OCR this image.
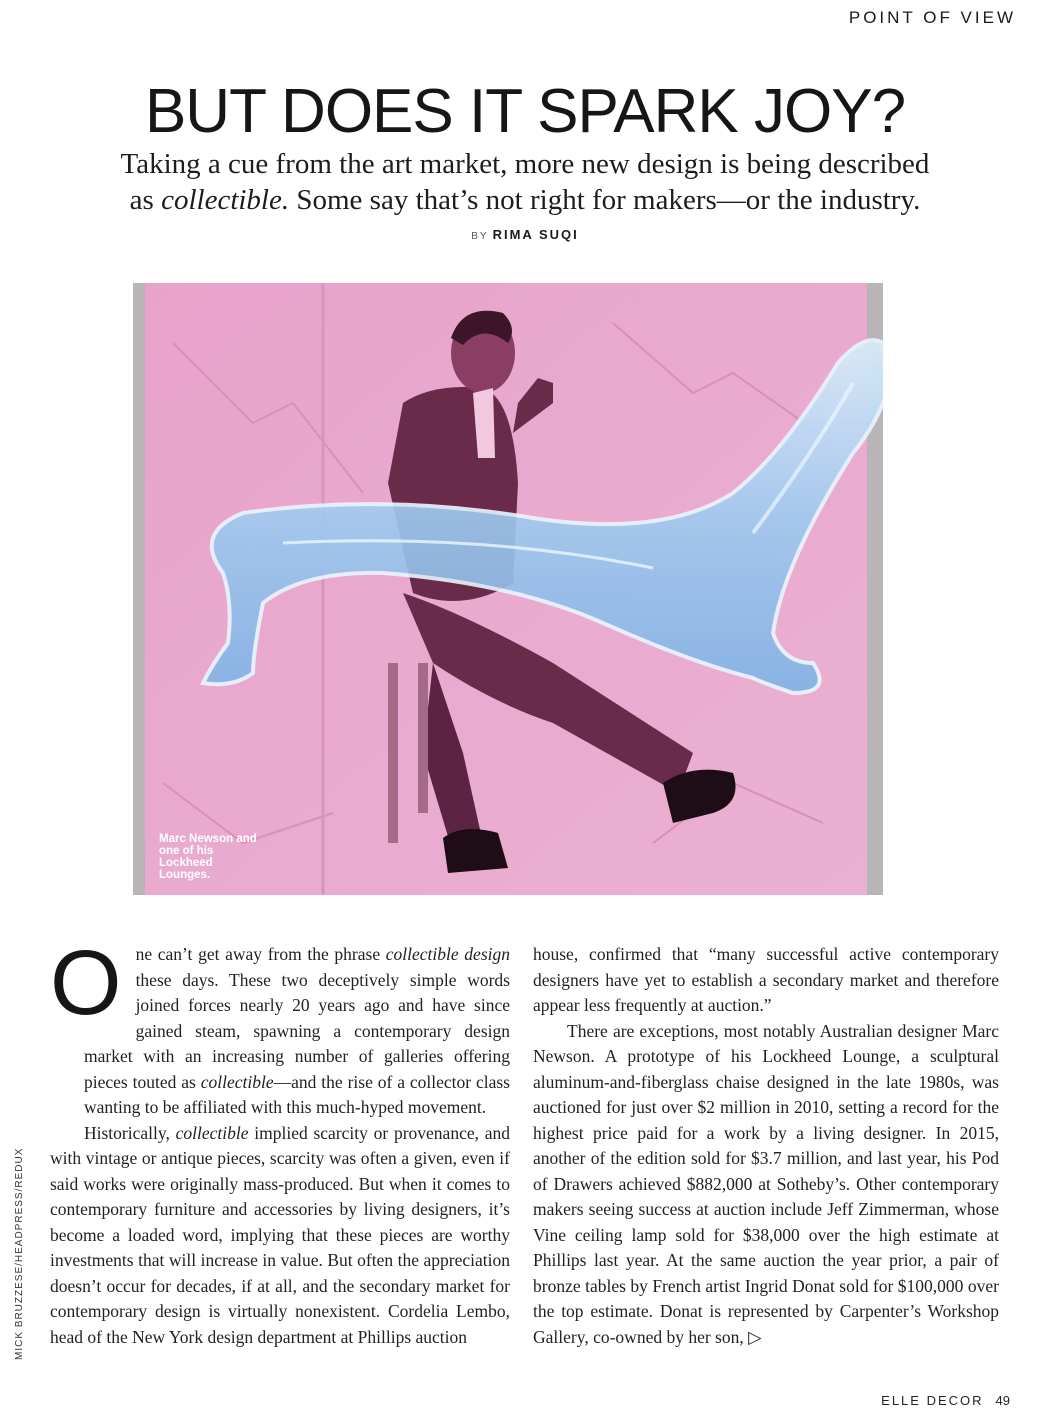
POINT OF VIEW
BUT DOES IT SPARK JOY?

Taking a cue from the art market, more new design is being described
as collectible. Some say that’s not right for makers—or the industry.

BY RIMA SUQI
Marc Newson and one of his Lockheed Lounges.

One can’t get away from the phrase collectible design these days. These two deceptively simple words joined forces nearly 20 years ago and have since gained steam, spawning a contemporary design market with an increasing number of galleries offering pieces touted as collectible—and the rise of a collector class wanting to be affiliated with this much-hyped movement.

Historically, collectible implied scarcity or provenance, and with vintage or antique pieces, scarcity was often a given, even if said works were originally mass-produced. But when it comes to contemporary furniture and accessories by living designers, it’s become a loaded word, implying that these pieces are worthy investments that will increase in value. But often the appreciation doesn’t occur for decades, if at all, and the secondary market for contemporary design is virtually nonexistent. Cordelia Lembo, head of the New York design department at Phillips auction

house, confirmed that “many successful active contemporary designers have yet to establish a secondary market and therefore appear less frequently at auction.”

There are exceptions, most notably Australian designer Marc Newson. A prototype of his Lockheed Lounge, a sculptural aluminum-and-fiberglass chaise designed in the late 1980s, was auctioned for just over $2 million in 2010, setting a record for the highest price paid for a work by a living designer. In 2015, another of the edition sold for $3.7 million, and last year, his Pod of Drawers achieved $882,000 at Sotheby’s. Other contemporary makers seeing success at auction include Jeff Zimmerman, whose Vine ceiling lamp sold for $38,000 over the high estimate at Phillips last year. At the same auction the year prior, a pair of bronze tables by French artist Ingrid Donat sold for $100,000 over the top estimate. Donat is represented by Carpenter’s Workshop Gallery, co-owned by her son, ▷

MICK BRUZZESE/HEADPRESS/REDUX
ELLE DECOR 49
